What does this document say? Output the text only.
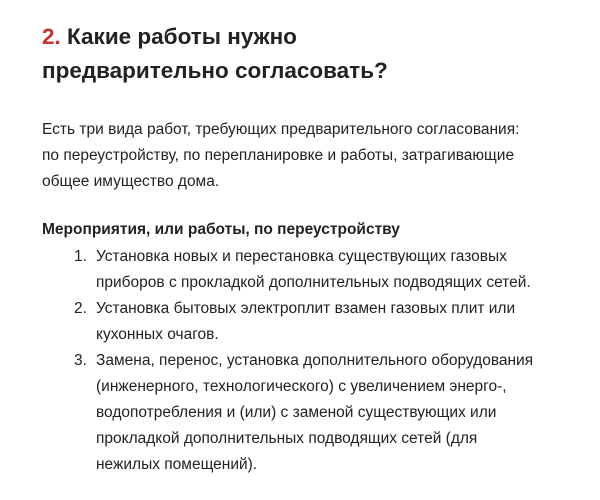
2. Какие работы нужно
предварительно согласовать?

Есть три вида работ, требующих предварительного согласования:
по переустройству, по перепланировке и работы, затрагивающие
общее имущество дома.

Мероприятия, или работы, по переустройству

1. Установка новых и перестановка существующих газовых
приборов с прокладкой дополнительных подводящих сетей.
2. Установка бытовых электроплит взамен газовых плит или
кухонных очагов.
3. Замена, перенос, установка дополнительного оборудования
(инженерного, технологического) с увеличением энерго-,
водопотребления и (или) с заменой существующих или
прокладкой дополнительных подводящих сетей (для
нежилых помещений).
